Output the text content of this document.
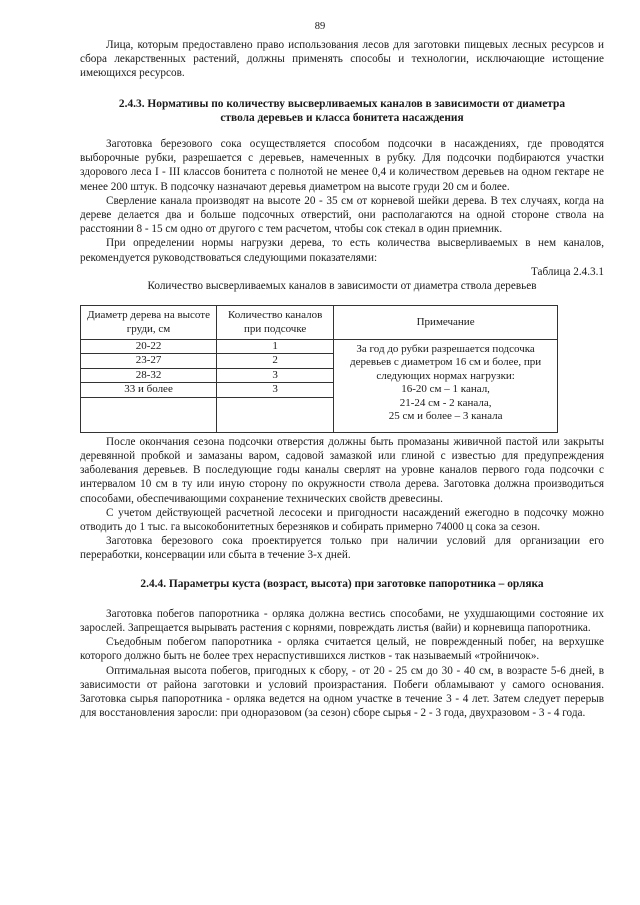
89

Лица, которым предоставлено право использования лесов для заготовки пищевых лесных ресурсов и сбора лекарственных растений, должны применять способы и технологии, исключающие истощение имеющихся ресурсов.

2.4.3. Нормативы по количеству высверливаемых каналов в зависимости от диаметра
ствола деревьев и класса бонитета насаждения

Заготовка березового сока осуществляется способом подсочки в насаждениях, где проводятся выборочные рубки, разрешается с деревьев, намеченных в рубку. Для подсочки подбираются участки здорового леса I - III классов бонитета с полнотой не менее 0,4 и количеством деревьев на одном гектаре не менее 200 штук. В подсочку назначают деревья диаметром на высоте груди 20 см и более.

Сверление канала производят на высоте 20 - 35 см от корневой шейки дерева. В тех случаях, когда на дереве делается два и больше подсочных отверстий, они располагаются на одной стороне ствола на расстоянии 8 - 15 см одно от другого с тем расчетом, чтобы сок стекал в один приемник.

При определении нормы нагрузки дерева, то есть количества высверливаемых в нем каналов, рекомендуется руководствоваться следующими показателями:

Таблица 2.4.3.1

Количество высверливаемых каналов в зависимости от диаметра ствола деревьев

Диаметр дерева на высоте груди, см	Количество каналов при подсочке	Примечание
20-22	1	За год до рубки разрешается подсочка деревьев с диаметром 16 см и более, при следующих нормах нагрузки:
16-20 см – 1 канал,
21-24 см - 2 канала,
25 см и более – 3 канала

23-27	2	
28-32	3	
33 и более	3	

После окончания сезона подсочки отверстия должны быть промазаны живичной пастой или закрыты деревянной пробкой и замазаны варом, садовой замазкой или глиной с известью для предупреждения заболевания деревьев. В последующие годы каналы сверлят на уровне каналов первого года подсочки с интервалом 10 см в ту или иную сторону по окружности ствола дерева. Заготовка должна производиться способами, обеспечивающими сохранение технических свойств древесины.

С учетом действующей расчетной лесосеки и пригодности насаждений ежегодно в подсочку можно отводить до 1 тыс. га высокобонитетных березняков и собирать примерно 74000 ц сока за сезон.

Заготовка березового сока проектируется только при наличии условий для организации его переработки, консервации или сбыта в течение 3-х дней.

2.4.4. Параметры куста (возраст, высота) при заготовке папоротника – орляка

Заготовка побегов папоротника - орляка должна вестись способами, не ухудшающими состояние их зарослей. Запрещается вырывать растения с корнями, повреждать листья (вайи) и корневища папоротника.

Съедобным побегом папоротника - орляка считается целый, не поврежденный побег, на верхушке которого должно быть не более трех нераспустившихся листков - так называемый «тройничок».

Оптимальная высота побегов, пригодных к сбору, - от 20 - 25 см до 30 - 40 см, в возрасте 5-6 дней, в зависимости от района заготовки и условий произрастания. Побеги обламывают у самого основания. Заготовка сырья папоротника - орляка ведется на одном участке в течение 3 - 4 лет. Затем следует перерыв для восстановления заросли: при одноразовом (за сезон) сборе сырья - 2 - 3 года, двухразовом - 3 - 4 года.
